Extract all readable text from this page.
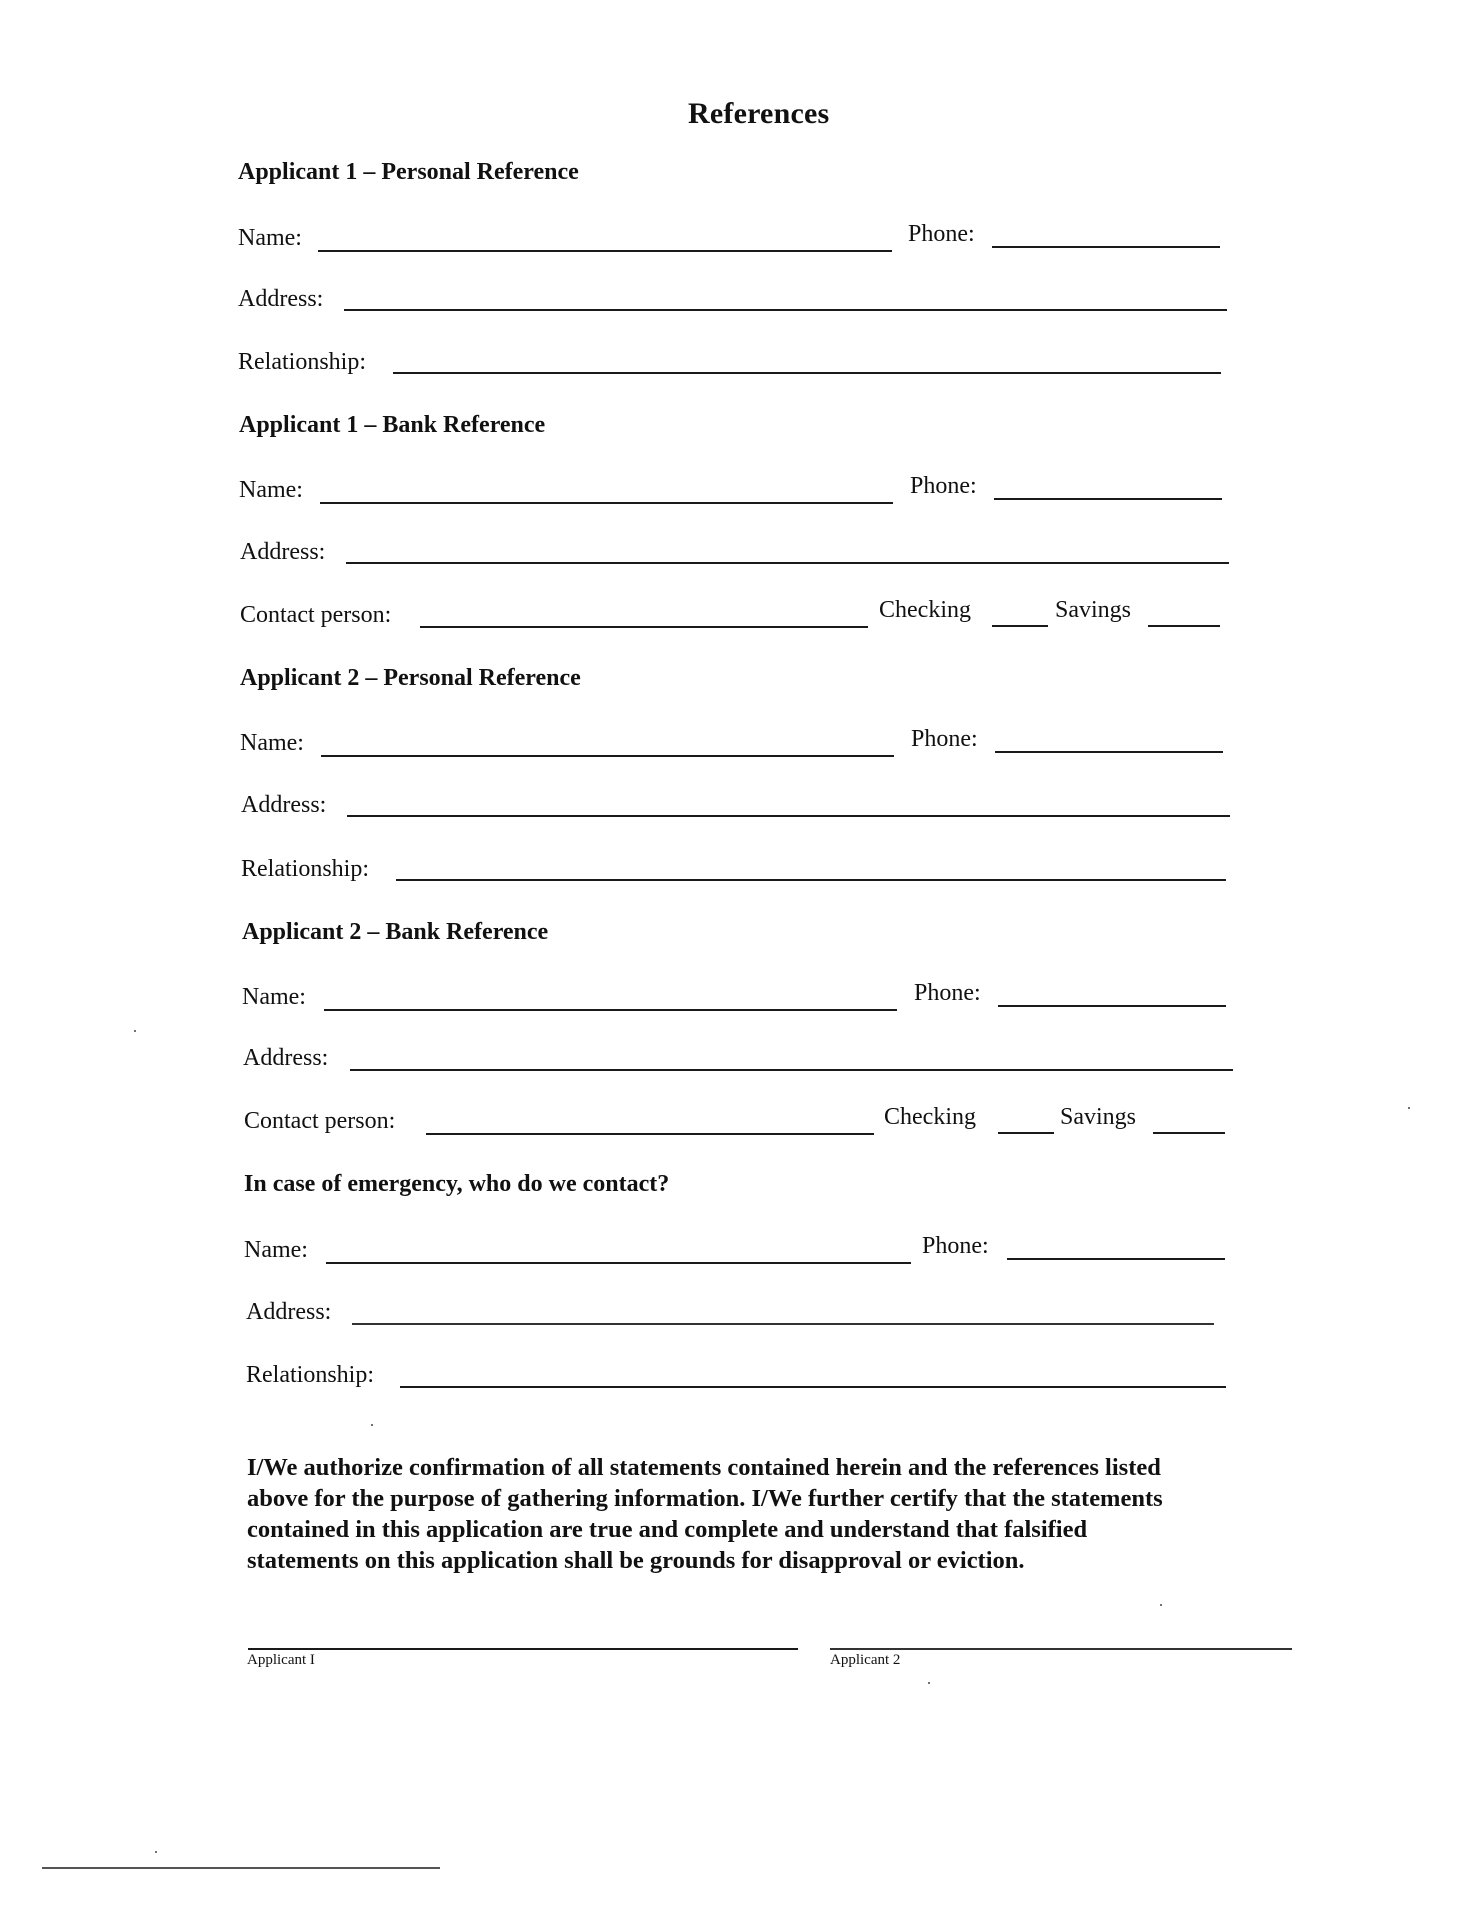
References
Applicant 1 – Personal Reference
Name:	Phone:
Address:
Relationship:
Applicant 1 – Bank Reference
Name:	Phone:
Address:
Contact person:	Checking	Savings
Applicant 2 – Personal Reference
Name:	Phone:
Address:
Relationship:
Applicant 2 – Bank Reference
Name:	Phone:
Address:
Contact person:	Checking	Savings
In case of emergency, who do we contact?
Name:	Phone:
Address:
Relationship:
I/We authorize confirmation of all statements contained herein and the references listed
above for the purpose of gathering information. I/We further certify that the statements
contained in this application are true and complete and understand that falsified
statements on this application shall be grounds for disapproval or eviction.
Applicant I	Applicant 2
